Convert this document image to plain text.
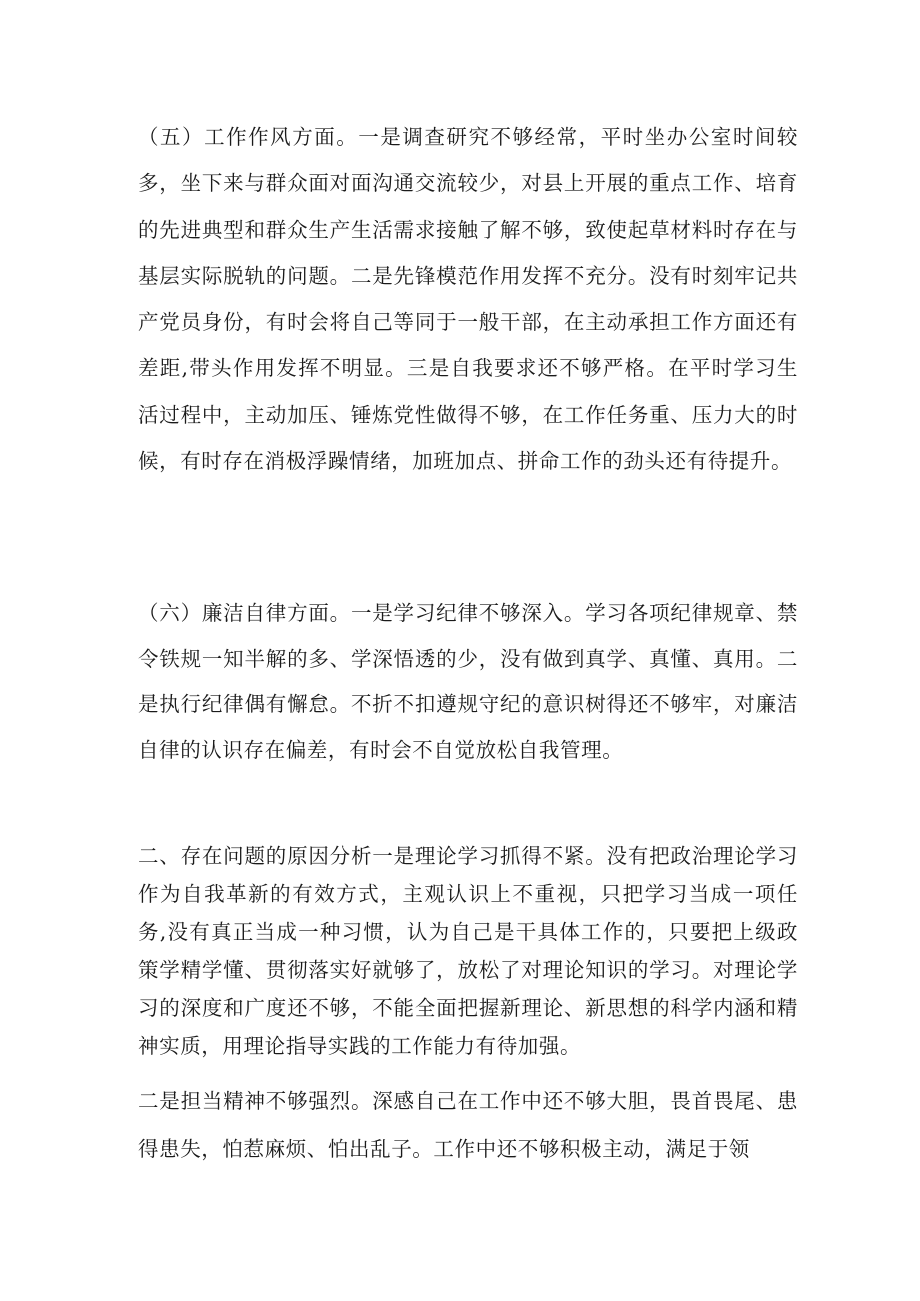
（五）工作作风方面。一是调查研究不够经常，平时坐办公室时间较多，坐下来与群众面对面沟通交流较少，对县上开展的重点工作、培育的先进典型和群众生产生活需求接触了解不够，致使起草材料时存在与基层实际脱轨的问题。二是先锋模范作用发挥不充分。没有时刻牢记共产党员身份，有时会将自己等同于一般干部，在主动承担工作方面还有差距,带头作用发挥不明显。三是自我要求还不够严格。在平时学习生活过程中，主动加压、锤炼党性做得不够，在工作任务重、压力大的时候，有时存在消极浮躁情绪，加班加点、拼命工作的劲头还有待提升。

（六）廉洁自律方面。一是学习纪律不够深入。学习各项纪律规章、禁令铁规一知半解的多、学深悟透的少，没有做到真学、真懂、真用。二是执行纪律偶有懈怠。不折不扣遵规守纪的意识树得还不够牢，对廉洁自律的认识存在偏差，有时会不自觉放松自我管理。

二、存在问题的原因分析一是理论学习抓得不紧。没有把政治理论学习作为自我革新的有效方式，主观认识上不重视，只把学习当成一项任务,没有真正当成一种习惯，认为自己是干具体工作的，只要把上级政策学精学懂、贯彻落实好就够了，放松了对理论知识的学习。对理论学习的深度和广度还不够，不能全面把握新理论、新思想的科学内涵和精神实质，用理论指导实践的工作能力有待加强。

二是担当精神不够强烈。深感自己在工作中还不够大胆，畏首畏尾、患得患失，怕惹麻烦、怕出乱子。工作中还不够积极主动，满足于领
